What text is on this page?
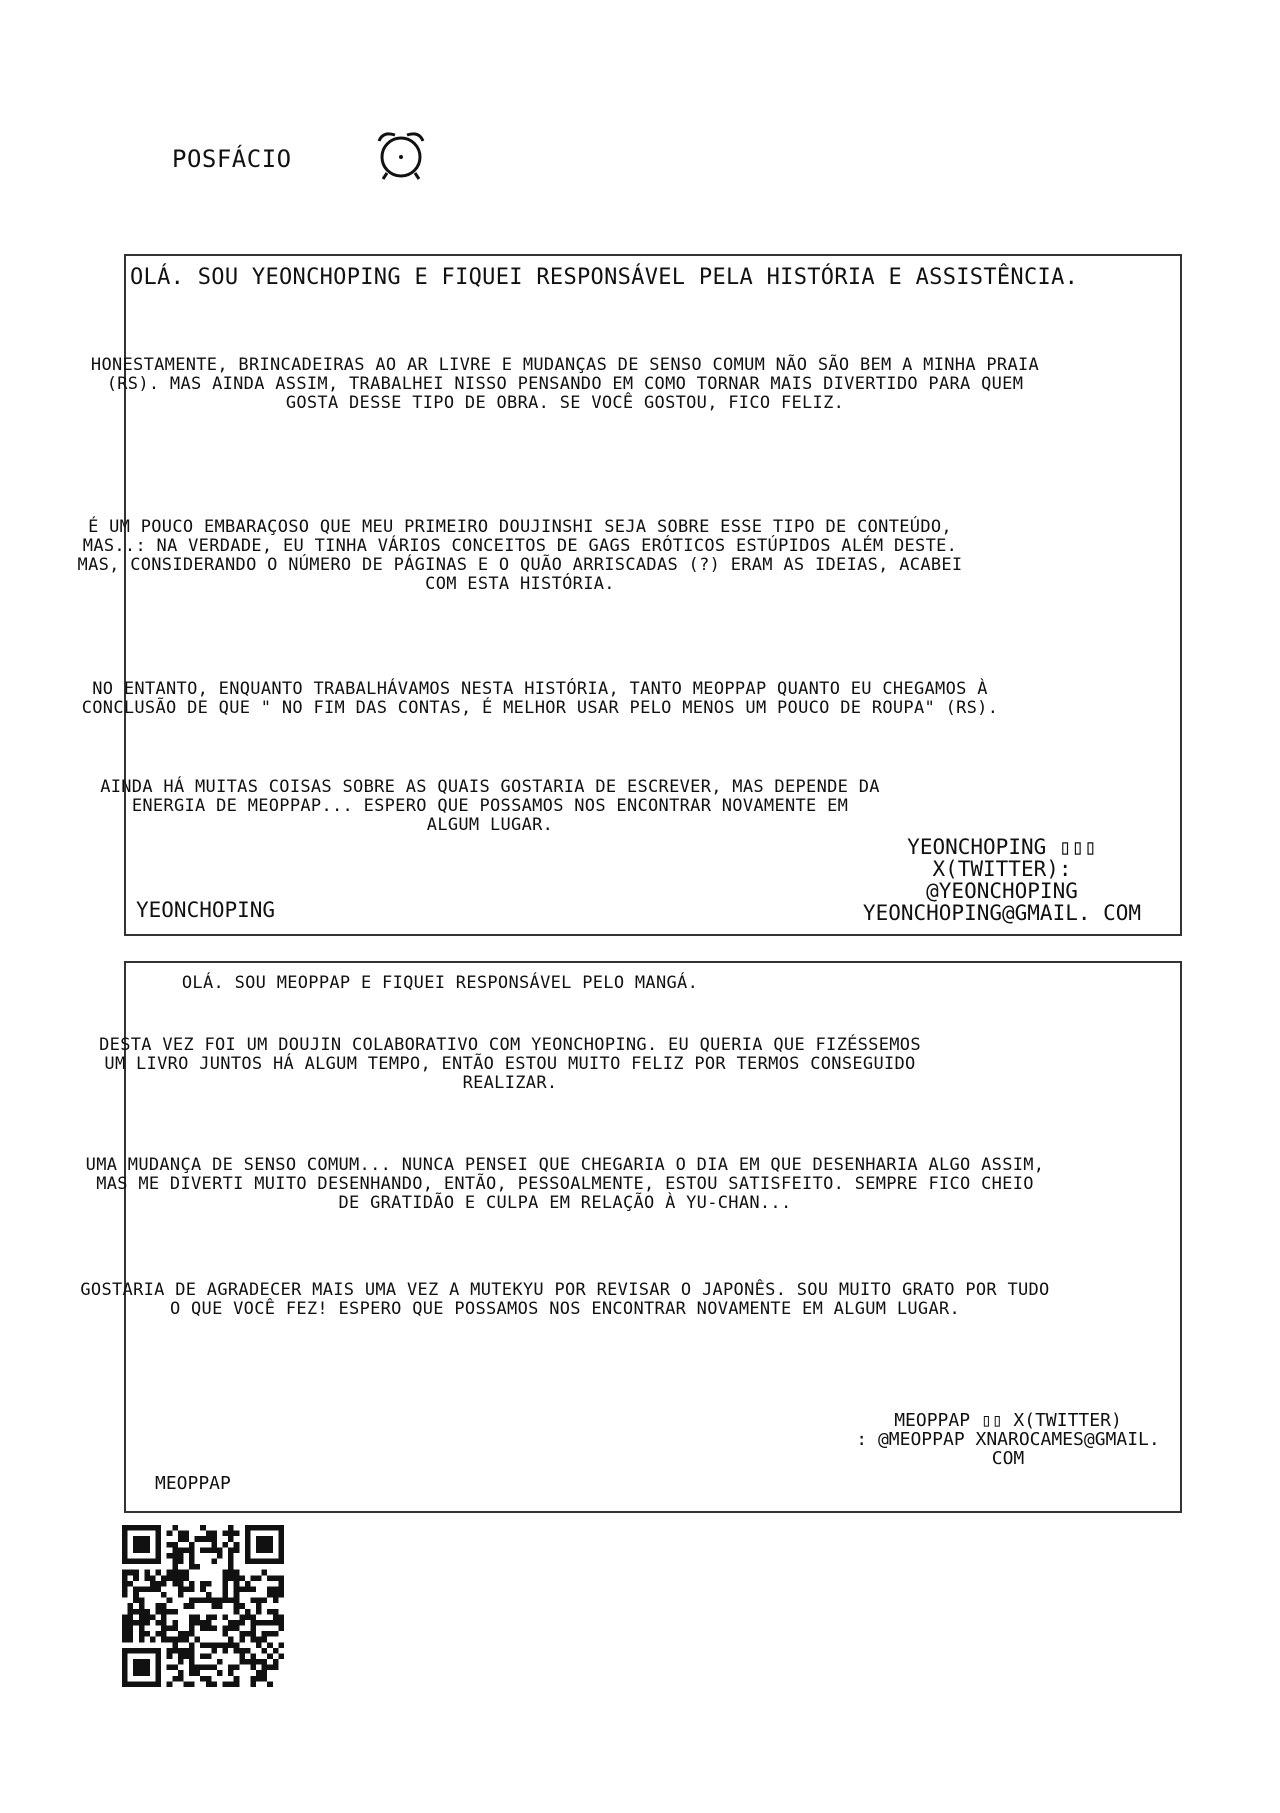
POSFÁCIO
OLÁ. SOU YEONCHOPING E FIQUEI RESPONSÁVEL PELA HISTÓRIA E ASSISTÊNCIA.
HONESTAMENTE, BRINCADEIRAS AO AR LIVRE E MUDANÇAS DE SENSO COMUM NÃO SÃO BEM A MINHA PRAIA
(RS). MAS AINDA ASSIM, TRABALHEI NISSO PENSANDO EM COMO TORNAR MAIS DIVERTIDO PARA QUEM
GOSTA DESSE TIPO DE OBRA. SE VOCÊ GOSTOU, FICO FELIZ.
É UM POUCO EMBARAÇOSO QUE MEU PRIMEIRO DOUJINSHI SEJA SOBRE ESSE TIPO DE CONTEÚDO,
MAS..: NA VERDADE, EU TINHA VÁRIOS CONCEITOS DE GAGS ERÓTICOS ESTÚPIDOS ALÉM DESTE.
MAS, CONSIDERANDO O NÚMERO DE PÁGINAS E O QUÃO ARRISCADAS (?) ERAM AS IDEIAS, ACABEI
COM ESTA HISTÓRIA.
NO ENTANTO, ENQUANTO TRABALHÁVAMOS NESTA HISTÓRIA, TANTO MEOPPAP QUANTO EU CHEGAMOS À
CONCLUSÃO DE QUE " NO FIM DAS CONTAS, É MELHOR USAR PELO MENOS UM POUCO DE ROUPA" (RS).
AINDA HÁ MUITAS COISAS SOBRE AS QUAIS GOSTARIA DE ESCREVER, MAS DEPENDE DA
ENERGIA DE MEOPPAP... ESPERO QUE POSSAMOS NOS ENCONTRAR NOVAMENTE EM
ALGUM LUGAR.
YEONCHOPING ▯▯▯ X(TWITTER):
@YEONCHOPING
YEONCHOPING@GMAIL. COM
YEONCHOPING
OLÁ. SOU MEOPPAP E FIQUEI RESPONSÁVEL PELO MANGÁ.
DESTA VEZ FOI UM DOUJIN COLABORATIVO COM YEONCHOPING. EU QUERIA QUE FIZÉSSEMOS
UM LIVRO JUNTOS HÁ ALGUM TEMPO, ENTÃO ESTOU MUITO FELIZ POR TERMOS CONSEGUIDO
REALIZAR.
UMA MUDANÇA DE SENSO COMUM... NUNCA PENSEI QUE CHEGARIA O DIA EM QUE DESENHARIA ALGO ASSIM,
MAS ME DIVERTI MUITO DESENHANDO, ENTÃO, PESSOALMENTE, ESTOU SATISFEITO. SEMPRE FICO CHEIO
DE GRATIDÃO E CULPA EM RELAÇÃO À YU-CHAN...
GOSTARIA DE AGRADECER MAIS UMA VEZ A MUTEKYU POR REVISAR O JAPONÊS. SOU MUITO GRATO POR TUDO
O QUE VOCÊ FEZ! ESPERO QUE POSSAMOS NOS ENCONTRAR NOVAMENTE EM ALGUM LUGAR.
MEOPPAP ▯▯ X(TWITTER)
: @MEOPPAP XNAROCAMES@GMAIL.
COM
MEOPPAP
